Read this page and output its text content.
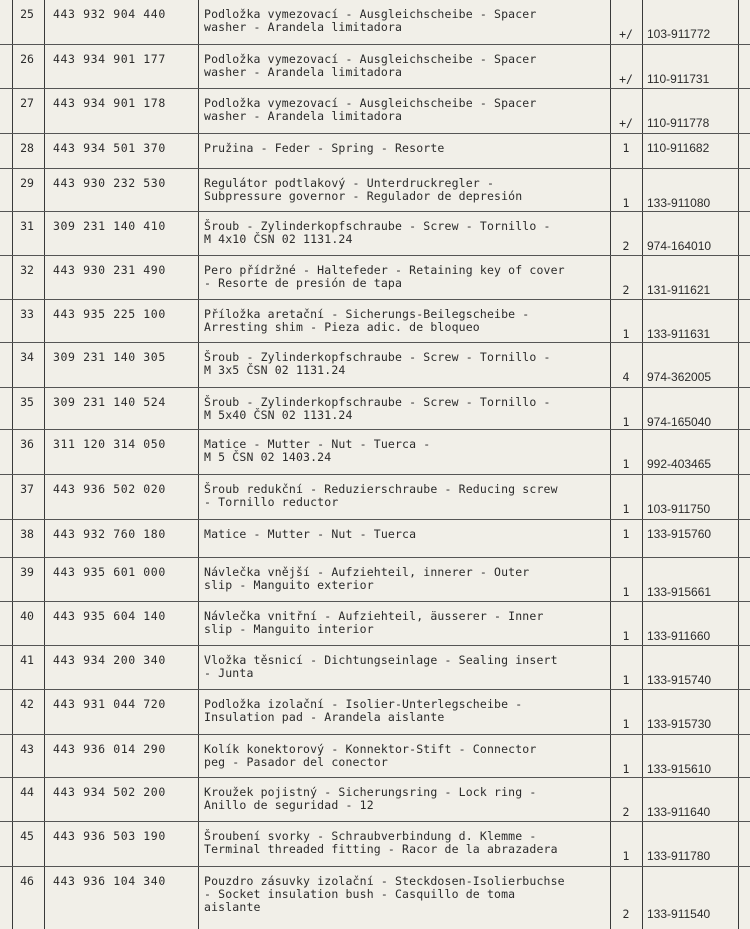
25	443 932 904 440	Podložka vymezovací - Ausgleichscheibe - Spacer
washer - Arandela limitadora	+/	103-911772
26	443 934 901 177	Podložka vymezovací - Ausgleichscheibe - Spacer
washer - Arandela limitadora	+/	110-911731
27	443 934 901 178	Podložka vymezovací - Ausgleichscheibe - Spacer
washer - Arandela limitadora	+/	110-911778
28	443 934 501 370	Pružina - Feder - Spring - Resorte	1	110-911682
29	443 930 232 530	Regulátor podtlakový - Unterdruckregler -
Subpressure governor - Regulador de depresión	1	133-911080
31	309 231 140 410	Šroub - Zylinderkopfschraube - Screw - Tornillo -
M 4x10 ČSN 02 1131.24	2	974-164010
32	443 930 231 490	Pero přídržné - Haltefeder - Retaining key of cover
- Resorte de presión de tapa	2	131-911621
33	443 935 225 100	Příložka aretační - Sicherungs-Beilegscheibe -
Arresting shim - Pieza adic. de bloqueo	1	133-911631
34	309 231 140 305	Šroub - Zylinderkopfschraube - Screw - Tornillo -
M 3x5 ČSN 02 1131.24	4	974-362005
35	309 231 140 524	Šroub - Zylinderkopfschraube - Screw - Tornillo -
M 5x40 ČSN 02 1131.24	1	974-165040
36	311 120 314 050	Matice - Mutter - Nut - Tuerca -
M 5 ČSN 02 1403.24	1	992-403465
37	443 936 502 020	Šroub redukční - Reduzierschraube - Reducing screw
- Tornillo reductor	1	103-911750
38	443 932 760 180	Matice - Mutter - Nut - Tuerca	1	133-915760
39	443 935 601 000	Návlečka vnější - Aufziehteil, innerer - Outer
slip - Manguito exterior	1	133-915661
40	443 935 604 140	Návlečka vnitřní - Aufziehteil, äusserer - Inner
slip - Manguito interior	1	133-911660
41	443 934 200 340	Vložka těsnicí - Dichtungseinlage - Sealing insert
- Junta	1	133-915740
42	443 931 044 720	Podložka izolační - Isolier-Unterlegscheibe -
Insulation pad - Arandela aislante	1	133-915730
43	443 936 014 290	Kolík konektorový - Konnektor-Stift - Connector
peg - Pasador del conector	1	133-915610
44	443 934 502 200	Kroužek pojistný - Sicherungsring - Lock ring -
Anillo de seguridad - 12	2	133-911640
45	443 936 503 190	Šroubení svorky - Schraubverbindung d. Klemme -
Terminal threaded fitting - Racor de la abrazadera	1	133-911780
46	443 936 104 340	Pouzdro zásuvky izolační - Steckdosen-Isolierbuchse
- Socket insulation bush - Casquillo de toma
aislante	2	133-911540
